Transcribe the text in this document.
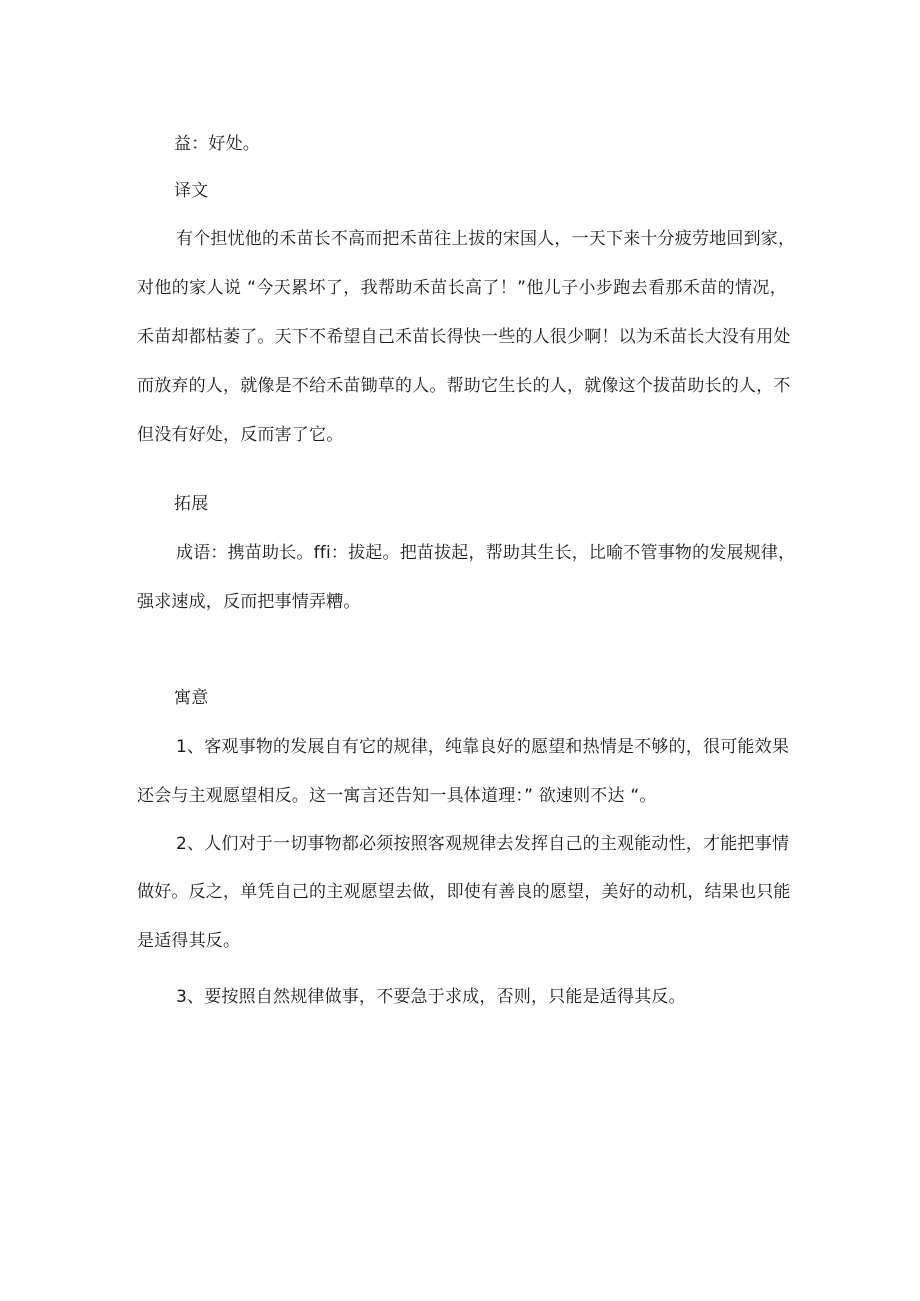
益：好处。
译文
有个担忧他的禾苗长不高而把禾苗往上拔的宋国人，一天下来十分疲劳地回到家，
对他的家人说 “今天累坏了，我帮助禾苗长高了！”他儿子小步跑去看那禾苗的情况，
禾苗却都枯萎了。天下不希望自己禾苗长得快一些的人很少啊！以为禾苗长大没有用处
而放弃的人，就像是不给禾苗锄草的人。帮助它生长的人，就像这个拔苗助长的人，不
但没有好处，反而害了它。
拓展
成语：携苗助长。ffi：拔起。把苗拔起，帮助其生长，比喻不管事物的发展规律，
强求速成，反而把事情弄糟。
寓意
1、客观事物的发展自有它的规律，纯靠良好的愿望和热情是不够的，很可能效果
还会与主观愿望相反。这一寓言还告知一具体道理：” 欲速则不达 “。
2、人们对于一切事物都必须按照客观规律去发挥自己的主观能动性，才能把事情
做好。反之，单凭自己的主观愿望去做，即使有善良的愿望，美好的动机，结果也只能
是适得其反。
3、要按照自然规律做事，不要急于求成，否则，只能是适得其反。
